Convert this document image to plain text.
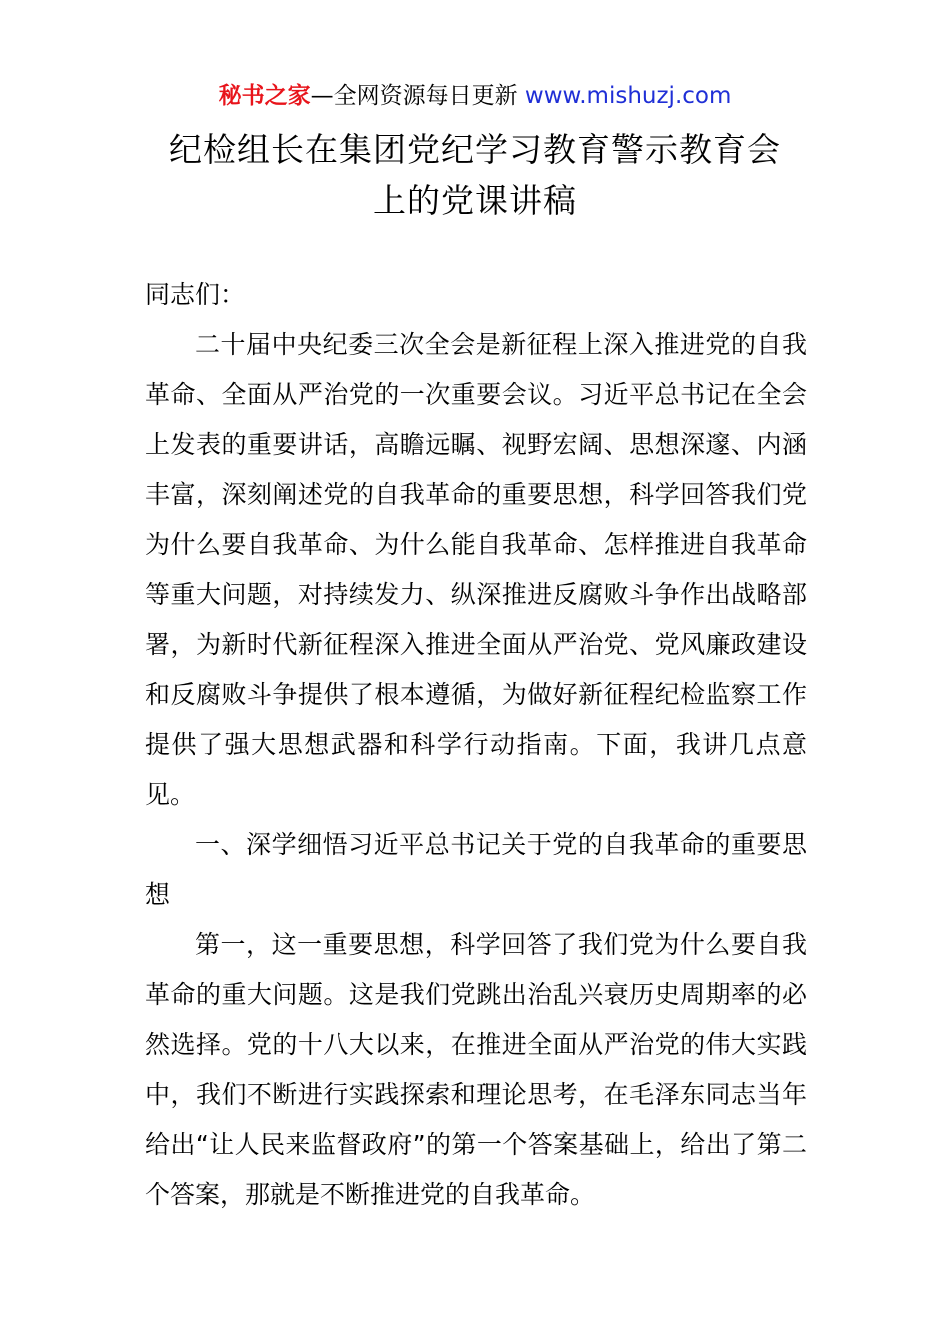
秘书之家—全网资源每日更新 www.mishuzj.com
纪检组长在集团党纪学习教育警示教育会
上的党课讲稿

同志们：

二十届中央纪委三次全会是新征程上深入推进党的自我革命、全面从严治党的一次重要会议。习近平总书记在全会上发表的重要讲话，高瞻远瞩、视野宏阔、思想深邃、内涵丰富，深刻阐述党的自我革命的重要思想，科学回答我们党为什么要自我革命、为什么能自我革命、怎样推进自我革命等重大问题，对持续发力、纵深推进反腐败斗争作出战略部署，为新时代新征程深入推进全面从严治党、党风廉政建设和反腐败斗争提供了根本遵循，为做好新征程纪检监察工作提供了强大思想武器和科学行动指南。下面，我讲几点意见。

一、深学细悟习近平总书记关于党的自我革命的重要思想

第一，这一重要思想，科学回答了我们党为什么要自我革命的重大问题。这是我们党跳出治乱兴衰历史周期率的必然选择。党的十八大以来，在推进全面从严治党的伟大实践中，我们不断进行实践探索和理论思考，在毛泽东同志当年给出“让人民来监督政府”的第一个答案基础上，给出了第二个答案，那就是不断推进党的自我革命。
